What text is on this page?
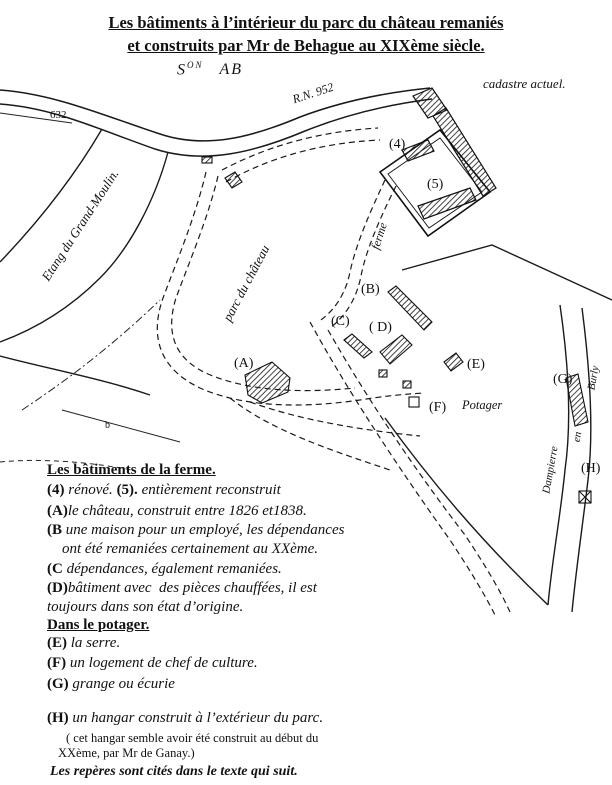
Les bâtiments à l’intérieur du parc du château remaniés
et construits par Mr de Behague au XIXème siècle.
$S^{ON}$ AB
cadastre actuel.
R.N. 952
632
Etang du Grand-Moulin.	ferme
parc du château
Potager
Dampierre
en
Burly
b
(4)
(5)
(B)
(C) ( D)
(A)	(E)
(G)
(F)
(H)
Les bâtiments de la ferme.
(4) rénové. (5). entièrement reconstruit
(A)le château, construit entre 1826 et1838.
(B une maison pour un employé, les dépendances
ont été remaniées certainement au XXème.
(C dépendances, également remaniées.
(D)bâtiment avec  des pièces chauffées, il est
toujours dans son état d’origine.
Dans le potager.
(E) la serre.
(F) un logement de chef de culture.
(G) grange ou écurie
(H) un hangar construit à l’extérieur du parc.
( cet hangar semble avoir été construit au début du
XXème, par Mr de Ganay.)
Les repères sont cités dans le texte qui suit.
